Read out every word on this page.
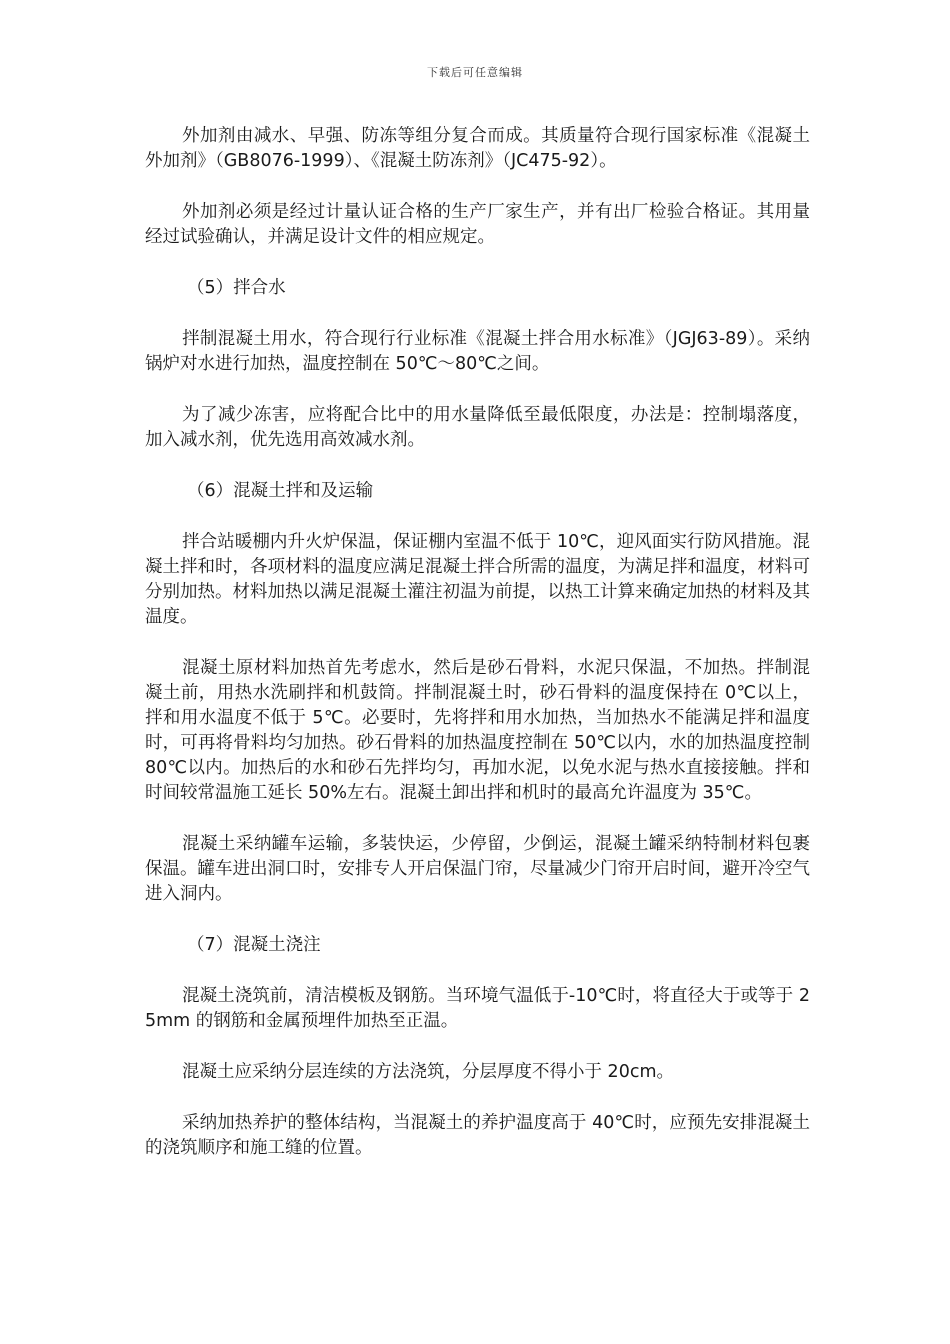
下载后可任意编辑

外加剂由减水、早强、防冻等组分复合而成。其质量符合现行国家标准《混凝土外加剂》（GB8076-1999）、《混凝土防冻剂》（JC475-92）。

外加剂必须是经过计量认证合格的生产厂家生产，并有出厂检验合格证。其用量经过试验确认，并满足设计文件的相应规定。

（5）拌合水

拌制混凝土用水，符合现行行业标准《混凝土拌合用水标准》（JGJ63-89）。采纳锅炉对水进行加热，温度控制在 50℃～80℃之间。

为了减少冻害，应将配合比中的用水量降低至最低限度，办法是：控制塌落度，加入减水剂，优先选用高效减水剂。

（6）混凝土拌和及运输

拌合站暖棚内升火炉保温，保证棚内室温不低于 10℃，迎风面实行防风措施。混凝土拌和时，各项材料的温度应满足混凝土拌合所需的温度，为满足拌和温度，材料可分别加热。材料加热以满足混凝土灌注初温为前提，以热工计算来确定加热的材料及其温度。

混凝土原材料加热首先考虑水，然后是砂石骨料，水泥只保温，不加热。拌制混凝土前，用热水洗刷拌和机鼓筒。拌制混凝土时，砂石骨料的温度保持在 0℃以上，拌和用水温度不低于 5℃。必要时，先将拌和用水加热，当加热水不能满足拌和温度时，可再将骨料均匀加热。砂石骨料的加热温度控制在 50℃以内，水的加热温度控制 80℃以内。加热后的水和砂石先拌均匀，再加水泥，以免水泥与热水直接接触。拌和时间较常温施工延长 50%左右。混凝土卸出拌和机时的最高允许温度为 35℃。

混凝土采纳罐车运输，多装快运，少停留，少倒运，混凝土罐采纳特制材料包裹保温。罐车进出洞口时，安排专人开启保温门帘，尽量减少门帘开启时间，避开冷空气进入洞内。

（7）混凝土浇注

混凝土浇筑前，清洁模板及钢筋。当环境气温低于-10℃时，将直径大于或等于 25mm 的钢筋和金属预埋件加热至正温。

混凝土应采纳分层连续的方法浇筑，分层厚度不得小于 20cm。

采纳加热养护的整体结构，当混凝土的养护温度高于 40℃时，应预先安排混凝土的浇筑顺序和施工缝的位置。
